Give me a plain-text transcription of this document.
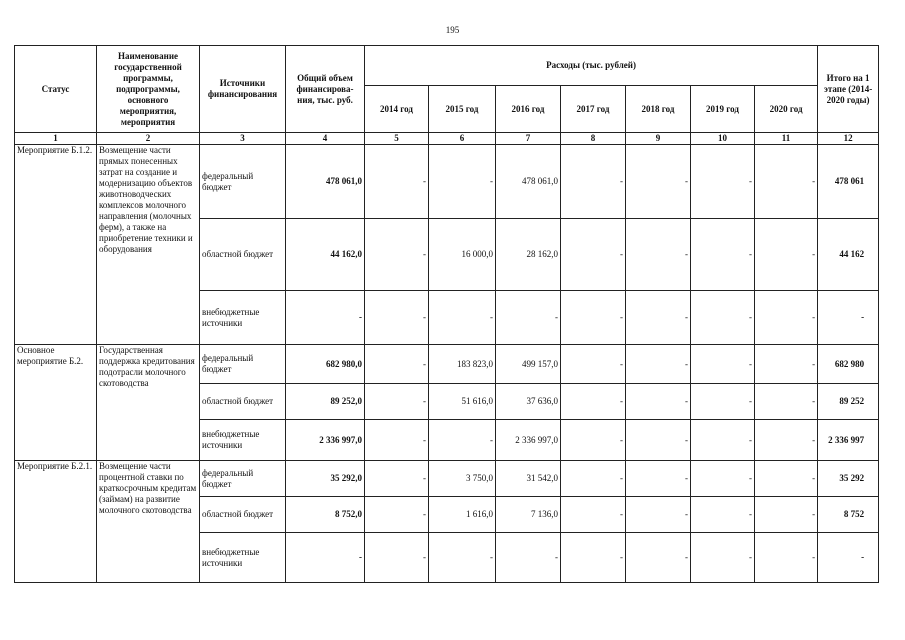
195
Статус	Наименование государственной программы, подпрограммы, основного мероприятия, мероприятия	Источники финансирования	Общий объем финансирова-ния, тыс. руб.	Расходы (тыс. рублей)							Итого на 1 этапе (2014-2020 годы)
				2014 год	2015 год	2016 год	2017 год	2018 год	2019 год	2020 год	
1	2	3	4	5	6	7	8	9	10	11	12
Мероприятие Б.1.2.	Возмещение части прямых понесенных затрат на создание и модернизацию объектов животноводческих комплексов молочного направления (молочных ферм), а также на приобретение техники и оборудования	федеральный бюджет	478 061,0	-	-	478 061,0	-	-	-	-	478 061
		областной бюджет	44 162,0	-	16 000,0	28 162,0	-	-	-	-	44 162
		внебюджетные источники	-	-	-	-	-	-	-	-	-
Основное мероприятие Б.2.	Государственная поддержка кредитования подотрасли молочного скотоводства	федеральный бюджет	682 980,0	-	183 823,0	499 157,0	-	-	-	-	682 980
		областной бюджет	89 252,0	-	51 616,0	37 636,0	-	-	-	-	89 252
		внебюджетные источники	2 336 997,0	-	-	2 336 997,0	-	-	-	-	2 336 997
Мероприятие Б.2.1.	Возмещение части процентной ставки по краткосрочным кредитам (займам) на развитие молочного скотоводства	федеральный бюджет	35 292,0	-	3 750,0	31 542,0	-	-	-	-	35 292
		областной бюджет	8 752,0	-	1 616,0	7 136,0	-	-	-	-	8 752
		внебюджетные источники	-	-	-	-	-	-	-	-	-
